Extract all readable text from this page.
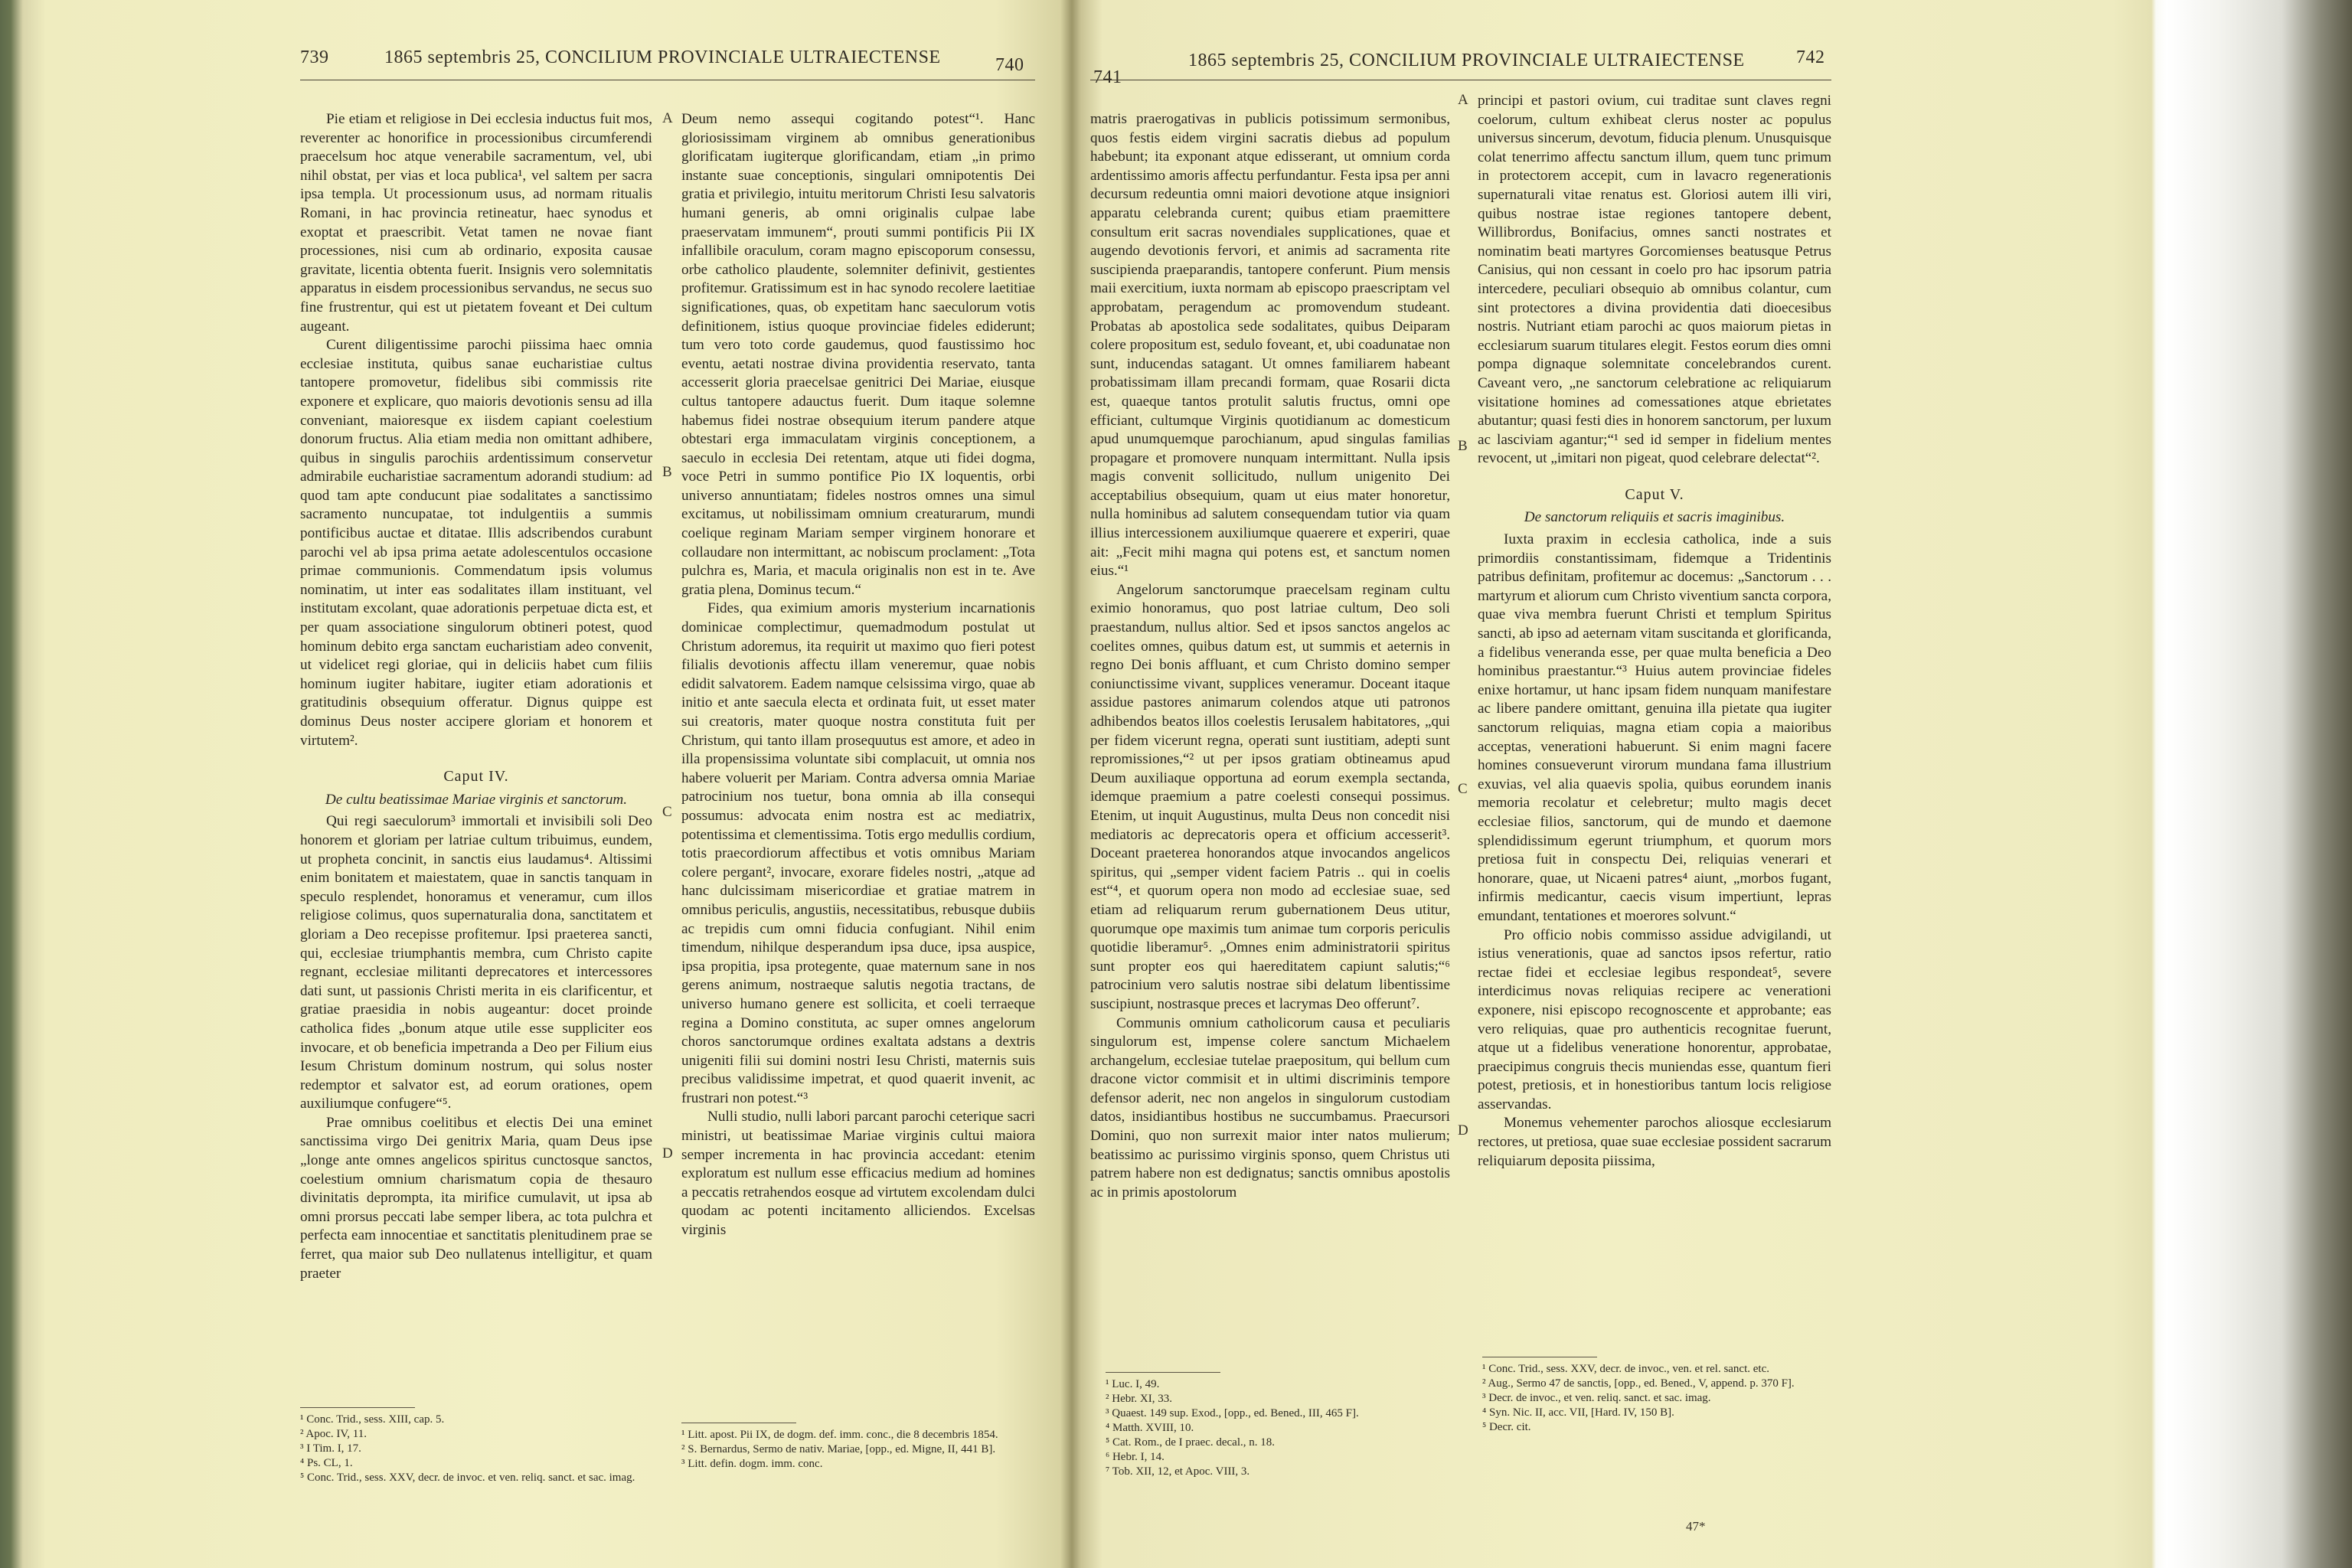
739	1865 septembris 25, CONCILIUM PROVINCIALE ULTRAIECTENSE	740

Pie etiam et religiose in Dei ecclesia inductus fuit mos, reverenter ac honorifice in processionibus circumferendi praecelsum hoc atque venerabile sacramentum, vel, ubi nihil obstat, per vias et loca publica¹, vel saltem per sacra ipsa templa. Ut processionum usus, ad normam ritualis Romani, in hac provincia retineatur, haec synodus et exoptat et praescribit. Vetat tamen ne novae fiant processiones, nisi cum ab ordinario, exposita causae gravitate, licentia obtenta fuerit. Insignis vero solemnitatis apparatus in eisdem processionibus servandus, ne secus suo fine frustrentur, qui est ut pietatem foveant et Dei cultum augeant.

Curent diligentissime parochi piissima haec omnia ecclesiae instituta, quibus sanae eucharistiae cultus tantopere promovetur, fidelibus sibi commissis rite exponere et explicare, quo maioris devotionis sensu ad illa conveniant, maioresque ex iisdem capiant coelestium donorum fructus. Alia etiam media non omittant adhibere, quibus in singulis parochiis ardentissimum conservetur admirabile eucharistiae sacramentum adorandi studium: ad quod tam apte conducunt piae sodalitates a sanctissimo sacramento nuncupatae, tot indulgentiis a summis pontificibus auctae et ditatae. Illis adscribendos curabunt parochi vel ab ipsa prima aetate adolescentulos occasione primae communionis. Commendatum ipsis volumus nominatim, ut inter eas sodalitates illam instituant, vel institutam excolant, quae adorationis perpetuae dicta est, et per quam associatione singulorum obtineri potest, quod hominum debito erga sanctam eucharistiam adeo convenit, ut videlicet regi gloriae, qui in deliciis habet cum filiis hominum iugiter habitare, iugiter etiam adorationis et gratitudinis obsequium offeratur. Dignus quippe est dominus Deus noster accipere gloriam et honorem et virtutem².

Caput IV.
De cultu beatissimae Mariae virginis et sanctorum.

Qui regi saeculorum³ immortali et invisibili soli Deo honorem et gloriam per latriae cultum tribuimus, eundem, ut propheta concinit, in sanctis eius laudamus⁴. Altissimi enim bonitatem et maiestatem, quae in sanctis tanquam in speculo resplendet, honoramus et veneramur, cum illos religiose colimus, quos supernaturalia dona, sanctitatem et gloriam a Deo recepisse profitemur. Ipsi praeterea sancti, qui, ecclesiae triumphantis membra, cum Christo capite regnant, ecclesiae militanti deprecatores et intercessores dati sunt, ut passionis Christi merita in eis clarificentur, et gratiae praesidia in nobis augeantur: docet proinde catholica fides „bonum atque utile esse suppliciter eos invocare, et ob beneficia impetranda a Deo per Filium eius Iesum Christum dominum nostrum, qui solus noster redemptor et salvator est, ad eorum orationes, opem auxiliumque confugere“⁵.

Prae omnibus coelitibus et electis Dei una eminet sanctissima virgo Dei genitrix Maria, quam Deus ipse „longe ante omnes angelicos spiritus cunctosque sanctos, coelestium omnium charismatum copia de thesauro divinitatis deprompta, ita mirifice cumulavit, ut ipsa ab omni prorsus peccati labe semper libera, ac tota pulchra et perfecta eam innocentiae et sanctitatis plenitudinem prae se ferret, qua maior sub Deo nullatenus intelligitur, et quam praeter

¹ Conc. Trid., sess. XIII, cap. 5.
² Apoc. IV, 11.
³ I Tim. I, 17.
⁴ Ps. CL, 1.
⁵ Conc. Trid., sess. XXV, decr. de invoc. et ven. reliq. sanct. et sac. imag.
A
B
C
D

Deum nemo assequi cogitando potest“¹. Hanc gloriosissimam virginem ab omnibus generationibus glorificatam iugiterque glorificandam, etiam „in primo instante suae conceptionis, singulari omnipotentis Dei gratia et privilegio, intuitu meritorum Christi Iesu salvatoris humani generis, ab omni originalis culpae labe praeservatam immunem“, prouti summi pontificis Pii IX infallibile oraculum, coram magno episcoporum consessu, orbe catholico plaudente, solemniter definivit, gestientes profitemur. Gratissimum est in hac synodo recolere laetitiae significationes, quas, ob expetitam hanc saeculorum votis definitionem, istius quoque provinciae fideles ediderunt; tum vero toto corde gaudemus, quod faustissimo hoc eventu, aetati nostrae divina providentia reservato, tanta accesserit gloria praecelsae genitrici Dei Mariae, eiusque cultus tantopere adauctus fuerit. Dum itaque solemne habemus fidei nostrae obsequium iterum pandere atque obtestari erga immaculatam virginis conceptionem, a saeculo in ecclesia Dei retentam, atque uti fidei dogma, voce Petri in summo pontifice Pio IX loquentis, orbi universo annuntiatam; fideles nostros omnes una simul excitamus, ut nobilissimam omnium creaturarum, mundi coelique reginam Mariam semper virginem honorare et collaudare non intermittant, ac nobiscum proclament: „Tota pulchra es, Maria, et macula originalis non est in te. Ave gratia plena, Dominus tecum.“

Fides, qua eximium amoris mysterium incarnationis dominicae complectimur, quemadmodum postulat ut Christum adoremus, ita requirit ut maximo quo fieri potest filialis devotionis affectu illam veneremur, quae nobis edidit salvatorem. Eadem namque celsissima virgo, quae ab initio et ante saecula electa et ordinata fuit, ut esset mater sui creatoris, mater quoque nostra constituta fuit per Christum, qui tanto illam prosequutus est amore, et adeo in illa propensissima voluntate sibi complacuit, ut omnia nos habere voluerit per Mariam. Contra adversa omnia Mariae patrocinium nos tuetur, bona omnia ab illa consequi possumus: advocata enim nostra est ac mediatrix, potentissima et clementissima. Totis ergo medullis cordium, totis praecordiorum affectibus et votis omnibus Mariam colere pergant², invocare, exorare fideles nostri, „atque ad hanc dulcissimam misericordiae et gratiae matrem in omnibus periculis, angustiis, necessitatibus, rebusque dubiis ac trepidis cum omni fiducia confugiant. Nihil enim timendum, nihilque desperandum ipsa duce, ipsa auspice, ipsa propitia, ipsa protegente, quae maternum sane in nos gerens animum, nostraeque salutis negotia tractans, de universo humano genere est sollicita, et coeli terraeque regina a Domino constituta, ac super omnes angelorum choros sanctorumque ordines exaltata adstans a dextris unigeniti filii sui domini nostri Iesu Christi, maternis suis precibus validissime impetrat, et quod quaerit invenit, ac frustrari non potest.“³

Nulli studio, nulli labori parcant parochi ceterique sacri ministri, ut beatissimae Mariae virginis cultui maiora semper incrementa in hac provincia accedant: etenim exploratum est nullum esse efficacius medium ad homines a peccatis retrahendos eosque ad virtutem excolendam dulci quodam ac potenti incitamento alliciendos. Excelsas virginis

¹ Litt. apost. Pii IX, de dogm. def. imm. conc., die 8 decembris 1854.
² S. Bernardus, Sermo de nativ. Mariae, [opp., ed. Migne, II, 441 B].
³ Litt. defin. dogm. imm. conc.
741
1865 septembris 25, CONCILIUM PROVINCIALE ULTRAIECTENSE	742

matris praerogativas in publicis potissimum sermonibus, quos festis eidem virgini sacratis diebus ad populum habebunt; ita exponant atque edisserant, ut omnium corda ardentissimo amoris affectu perfundantur. Festa ipsa per anni decursum redeuntia omni maiori devotione atque insigniori apparatu celebranda curent; quibus etiam praemittere consultum erit sacras novendiales supplicationes, quae et augendo devotionis fervori, et animis ad sacramenta rite suscipienda praeparandis, tantopere conferunt. Pium mensis maii exercitium, iuxta normam ab episcopo praescriptam vel approbatam, peragendum ac promovendum studeant. Probatas ab apostolica sede sodalitates, quibus Deiparam colere propositum est, sedulo foveant, et, ubi coadunatae non sunt, inducendas satagant. Ut omnes familiarem habeant probatissimam illam precandi formam, quae Rosarii dicta est, quaeque tantos protulit salutis fructus, omni ope efficiant, cultumque Virginis quotidianum ac domesticum apud unumquemque parochianum, apud singulas familias propagare et promovere nunquam intermittant. Nulla ipsis magis convenit sollicitudo, nullum unigenito Dei acceptabilius obsequium, quam ut eius mater honoretur, nulla hominibus ad salutem consequendam tutior via quam illius intercessionem auxiliumque quaerere et experiri, quae ait: „Fecit mihi magna qui potens est, et sanctum nomen eius.“¹

Angelorum sanctorumque praecelsam reginam cultu eximio honoramus, quo post latriae cultum, Deo soli praestandum, nullus altior. Sed et ipsos sanctos angelos ac coelites omnes, quibus datum est, ut summis et aeternis in regno Dei bonis affluant, et cum Christo domino semper coniunctissime vivant, supplices veneramur. Doceant itaque assidue pastores animarum colendos atque uti patronos adhibendos beatos illos coelestis Ierusalem habitatores, „qui per fidem vicerunt regna, operati sunt iustitiam, adepti sunt repromissiones,“² ut per ipsos gratiam obtineamus apud Deum auxiliaque opportuna ad eorum exempla sectanda, idemque praemium a patre coelesti consequi possimus. Etenim, ut inquit Augustinus, multa Deus non concedit nisi mediatoris ac deprecatoris opera et officium accesserit³. Doceant praeterea honorandos atque invocandos angelicos spiritus, qui „semper vident faciem Patris .. qui in coelis est“⁴, et quorum opera non modo ad ecclesiae suae, sed etiam ad reliquarum rerum gubernationem Deus utitur, quorumque ope maximis tum animae tum corporis periculis quotidie liberamur⁵. „Omnes enim administratorii spiritus sunt propter eos qui haereditatem capiunt salutis;“⁶ patrocinium vero salutis nostrae sibi delatum libentissime suscipiunt, nostrasque preces et lacrymas Deo offerunt⁷.

Communis omnium catholicorum causa et peculiaris singulorum est, impense colere sanctum Michaelem archangelum, ecclesiae tutelae praepositum, qui bellum cum dracone victor commisit et in ultimi discriminis tempore defensor aderit, nec non angelos in singulorum custodiam datos, insidiantibus hostibus ne succumbamus. Praecursori Domini, quo non surrexit maior inter natos mulierum; beatissimo ac purissimo virginis sponso, quem Christus uti patrem habere non est dedignatus; sanctis omnibus apostolis ac in primis apostolorum

¹ Luc. I, 49.
² Hebr. XI, 33.
³ Quaest. 149 sup. Exod., [opp., ed. Bened., III, 465 F].
⁴ Matth. XVIII, 10.
⁵ Cat. Rom., de I praec. decal., n. 18.
⁶ Hebr. I, 14.
⁷ Tob. XII, 12, et Apoc. VIII, 3.
A
B
C
D

principi et pastori ovium, cui traditae sunt claves regni coelorum, cultum exhibeat clerus noster ac populus universus sincerum, devotum, fiducia plenum. Unusquisque colat tenerrimo affectu sanctum illum, quem tunc primum in protectorem accepit, cum in lavacro regenerationis supernaturali vitae renatus est. Gloriosi autem illi viri, quibus nostrae istae regiones tantopere debent, Willibrordus, Bonifacius, omnes sancti nostrates et nominatim beati martyres Gorcomienses beatusque Petrus Canisius, qui non cessant in coelo pro hac ipsorum patria intercedere, peculiari obsequio ab omnibus colantur, cum sint protectores a divina providentia dati dioecesibus nostris. Nutriant etiam parochi ac quos maiorum pietas in ecclesiarum suarum titulares elegit. Festos eorum dies omni pompa dignaque solemnitate concelebrandos curent. Caveant vero, „ne sanctorum celebratione ac reliquiarum visitatione homines ad comessationes atque ebrietates abutantur; quasi festi dies in honorem sanctorum, per luxum ac lasciviam agantur;“¹ sed id semper in fidelium mentes revocent, ut „imitari non pigeat, quod celebrare delectat“².

Caput V.
De sanctorum reliquiis et sacris imaginibus.

Iuxta praxim in ecclesia catholica, inde a suis primordiis constantissimam, fidemque a Tridentinis patribus definitam, profitemur ac docemus: „Sanctorum . . . martyrum et aliorum cum Christo viventium sancta corpora, quae viva membra fuerunt Christi et templum Spiritus sancti, ab ipso ad aeternam vitam suscitanda et glorificanda, a fidelibus veneranda esse, per quae multa beneficia a Deo hominibus praestantur.“³ Huius autem provinciae fideles enixe hortamur, ut hanc ipsam fidem nunquam manifestare ac libere pandere omittant, genuina illa pietate qua iugiter sanctorum reliquias, magna etiam copia a maioribus acceptas, venerationi habuerunt. Si enim magni facere homines consueverunt virorum mundana fama illustrium exuvias, vel alia quaevis spolia, quibus eorundem inanis memoria recolatur et celebretur; multo magis decet ecclesiae filios, sanctorum, qui de mundo et daemone splendidissimum egerunt triumphum, et quorum mors pretiosa fuit in conspectu Dei, reliquias venerari et honorare, quae, ut Nicaeni patres⁴ aiunt, „morbos fugant, infirmis medicantur, caecis visum impertiunt, lepras emundant, tentationes et moerores solvunt.“

Pro officio nobis commisso assidue advigilandi, ut istius venerationis, quae ad sanctos ipsos refertur, ratio rectae fidei et ecclesiae legibus respondeat⁵, severe interdicimus novas reliquias recipere ac venerationi exponere, nisi episcopo recognoscente et approbante; eas vero reliquias, quae pro authenticis recognitae fuerunt, atque ut a fidelibus veneratione honorentur, approbatae, praecipimus congruis thecis muniendas esse, quantum fieri potest, pretiosis, et in honestioribus tantum locis religiose asservandas.

Monemus vehementer parochos aliosque ecclesiarum rectores, ut pretiosa, quae suae ecclesiae possident sacrarum reliquiarum deposita piissima,

¹ Conc. Trid., sess. XXV, decr. de invoc., ven. et rel. sanct. etc.
² Aug., Sermo 47 de sanctis, [opp., ed. Bened., V, append. p. 370 F].
³ Decr. de invoc., et ven. reliq. sanct. et sac. imag.
⁴ Syn. Nic. II, acc. VII, [Hard. IV, 150 B].
⁵ Decr. cit.
47*
